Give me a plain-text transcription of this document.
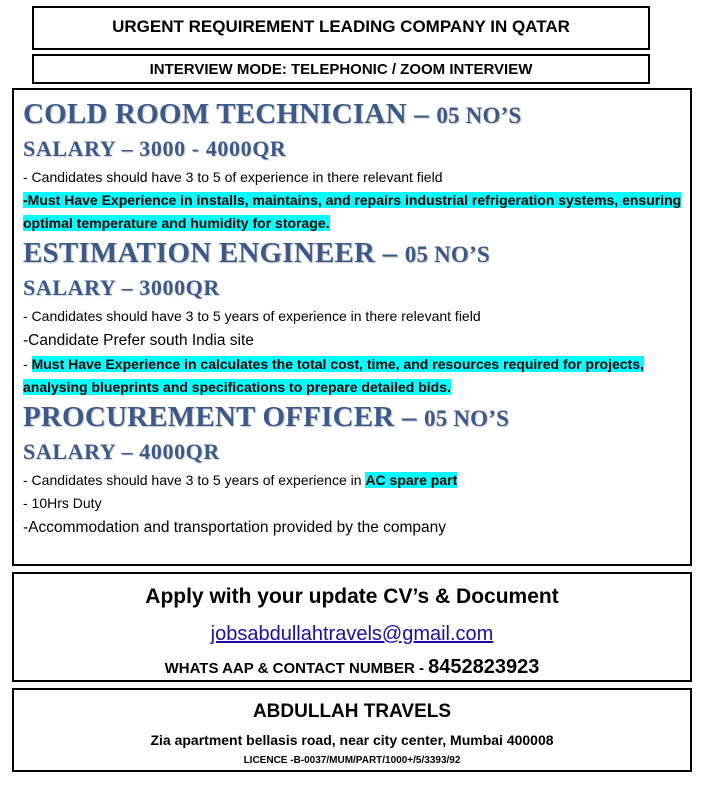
URGENT REQUIREMENT LEADING COMPANY IN QATAR
INTERVIEW MODE: TELEPHONIC / ZOOM INTERVIEW
COLD ROOM TECHNICIAN – 05 NO’S
SALARY – 3000 - 4000QR
- Candidates should have 3 to 5 of experience in there relevant field
-Must Have Experience in installs, maintains, and repairs industrial refrigeration systems, ensuring optimal temperature and humidity for storage.
ESTIMATION ENGINEER – 05 NO’S
SALARY – 3000QR
- Candidates should have 3 to 5 years of experience in there relevant field
-Candidate Prefer south India site
- Must Have Experience in calculates the total cost, time, and resources required for projects, analysing blueprints and specifications to prepare detailed bids.
PROCUREMENT OFFICER – 05 NO’S
SALARY – 4000QR
- Candidates should have 3 to 5 years of experience in AC spare part
- 10Hrs Duty
-Accommodation and transportation provided by the company
Apply with your update CV’s & Document
jobsabdullahtravels@gmail.com
WHATS AAP & CONTACT NUMBER - 8452823923
ABDULLAH TRAVELS
Zia apartment bellasis road, near city center, Mumbai 400008
LICENCE -B-0037/MUM/PART/1000+/5/3393/92
